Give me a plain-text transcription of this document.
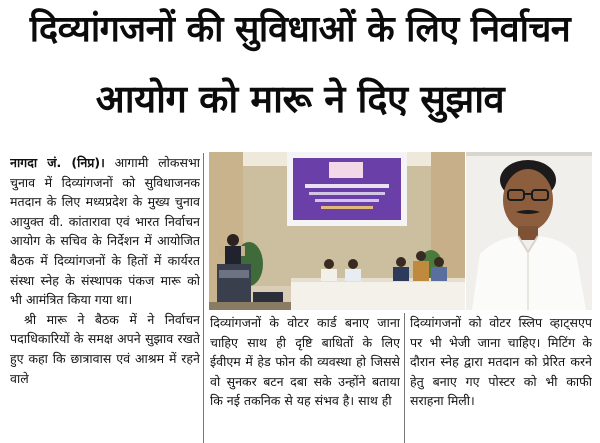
दिव्यांगजनों की सुविधाओं के लिए निर्वाचन
आयोग को मारू ने दिए सुझाव

नागदा जं. (निप्र)। आगामी लोकसभा चुनाव में दिव्यांगजनों को सुविधाजनक मतदान के लिए मध्यप्रदेश के मुख्य चुनाव आयुक्त वी. कांतारावा एवं भारत निर्वाचन आयोग के सचिव के निर्देशन में आयोजित बैठक में दिव्यांगजनों के हितों में कार्यरत संस्था स्नेह के संस्थापक पंकज मारू को भी आमंत्रित किया गया था।

श्री मारू ने बैठक में ने निर्वाचन पदाधिकारियों के समक्ष अपने सुझाव रखते हुए कहा कि छात्रावास एवं आश्रम में रहने वाले

दिव्यांगजनों के वोटर कार्ड बनाए जाना चाहिए साथ ही दृष्टि बाधितों के लिए ईवीएम में हेड फोन की व्यवस्था हो जिससे वो सुनकर बटन दबा सके उन्होंने बताया कि नई तकनिक से यह संभव है। साथ ही

दिव्यांगजनों को वोटर स्लिप व्हाट्सएप पर भी भेजी जाना चाहिए। मिटिंग के दौरान स्नेह द्वारा मतदान को प्रेरित करने हेतु बनाए गए पोस्टर को भी काफी सराहना मिली।
